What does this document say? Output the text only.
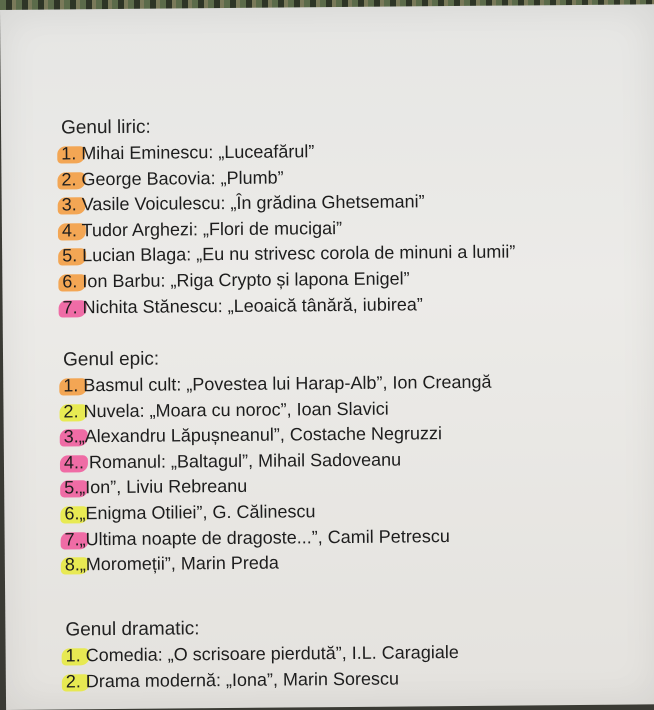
Genul liric:

1. Mihai Eminescu: „Luceafărul”
2. George Bacovia: „Plumb”
3. Vasile Voiculescu: „În grădina Ghetsemani”
4. Tudor Arghezi: „Flori de mucigai”
5. Lucian Blaga: „Eu nu strivesc corola de minuni a lumii”
6. Ion Barbu: „Riga Crypto și lapona Enigel”
7. Nichita Stănescu: „Leoaică tânără, iubirea”

Genul epic:

1. Basmul cult: „Povestea lui Harap-Alb”, Ion Creangă
2. Nuvela: „Moara cu noroc”, Ioan Slavici
3.„Alexandru Lăpușneanul”, Costache Negruzzi
4.. Romanul: „Baltagul”, Mihail Sadoveanu
5.„Ion”, Liviu Rebreanu
6.„Enigma Otiliei”, G. Călinescu
7.„Ultima noapte de dragoste...”, Camil Petrescu
8.„Moromeții”, Marin Preda

Genul dramatic:

1. Comedia: „O scrisoare pierdută”, I.L. Caragiale
2. Drama modernă: „Iona”, Marin Sorescu
